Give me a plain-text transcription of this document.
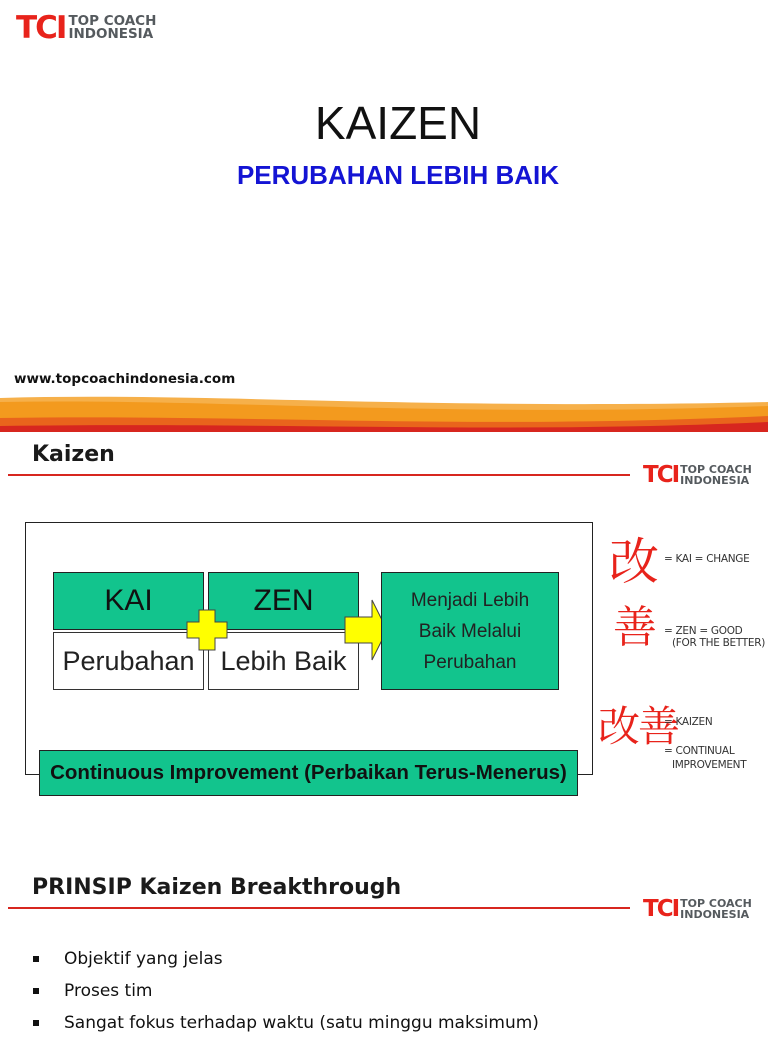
TCI TOP COACH
INDONESIA
KAIZEN
PERUBAHAN LEBIH BAIK
www.topcoachindonesia.com
Kaizen
TCI TOP COACH
INDONESIA
KAI	ZEN
Perubahan Lebih Baik
Menjadi Lebih
Baik Melalui
Perubahan
Continuous Improvement (Perbaikan Terus-Menerus)
改 = KAI = CHANGE
善 = ZEN = GOOD
(FOR THE BETTER)
改善
= KAIZEN
= CONTINUAL
IMPROVEMENT
PRINSIP Kaizen Breakthrough
TCI TOP COACH
INDONESIA
Objektif yang jelas
Proses tim
Sangat fokus terhadap waktu (satu minggu maksimum)
